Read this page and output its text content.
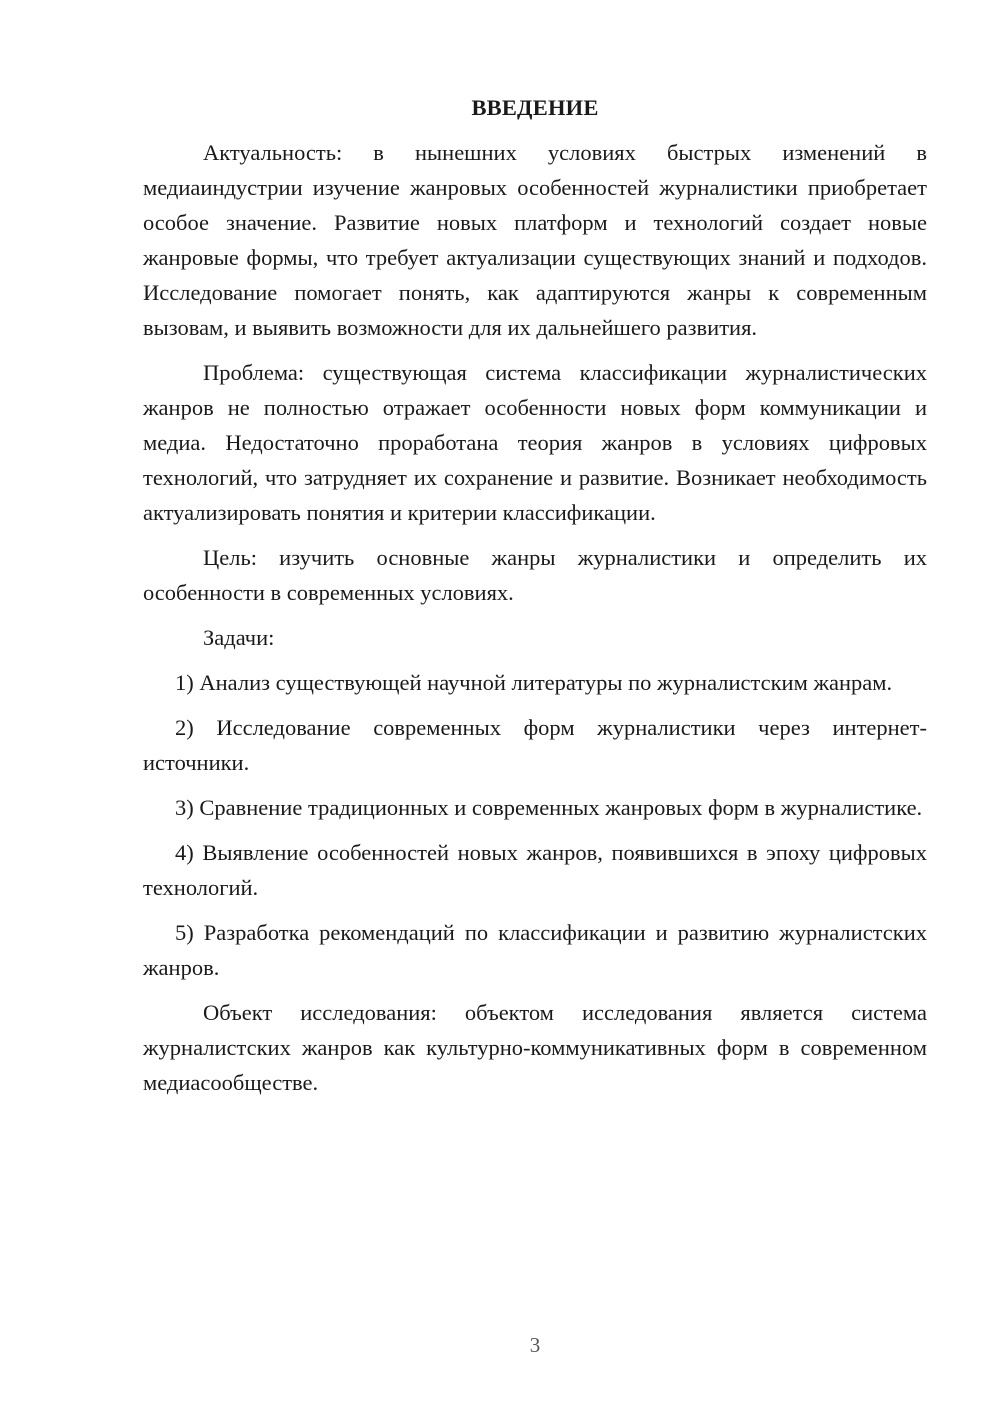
ВВЕДЕНИЕ

Актуальность: в нынешних условиях быстрых изменений в медиаиндустрии изучение жанровых особенностей журналистики приобретает особое значение. Развитие новых платформ и технологий создает новые жанровые формы, что требует актуализации существующих знаний и подходов. Исследование помогает понять, как адаптируются жанры к современным вызовам, и выявить возможности для их дальнейшего развития.

Проблема: существующая система классификации журналистических жанров не полностью отражает особенности новых форм коммуникации и медиа. Недостаточно проработана теория жанров в условиях цифровых технологий, что затрудняет их сохранение и развитие. Возникает необходимость актуализировать понятия и критерии классификации.

Цель: изучить основные жанры журналистики и определить их особенности в современных условиях.

Задачи:

1) Анализ существующей научной литературы по журналистским жанрам.

2) Исследование современных форм журналистики через интернет-источники.

3) Сравнение традиционных и современных жанровых форм в журналистике.

4) Выявление особенностей новых жанров, появившихся в эпоху цифровых технологий.

5) Разработка рекомендаций по классификации и развитию журналистских жанров.

Объект исследования: объектом исследования является система журналистских жанров как культурно-коммуникативных форм в современном медиасообществе.

3
